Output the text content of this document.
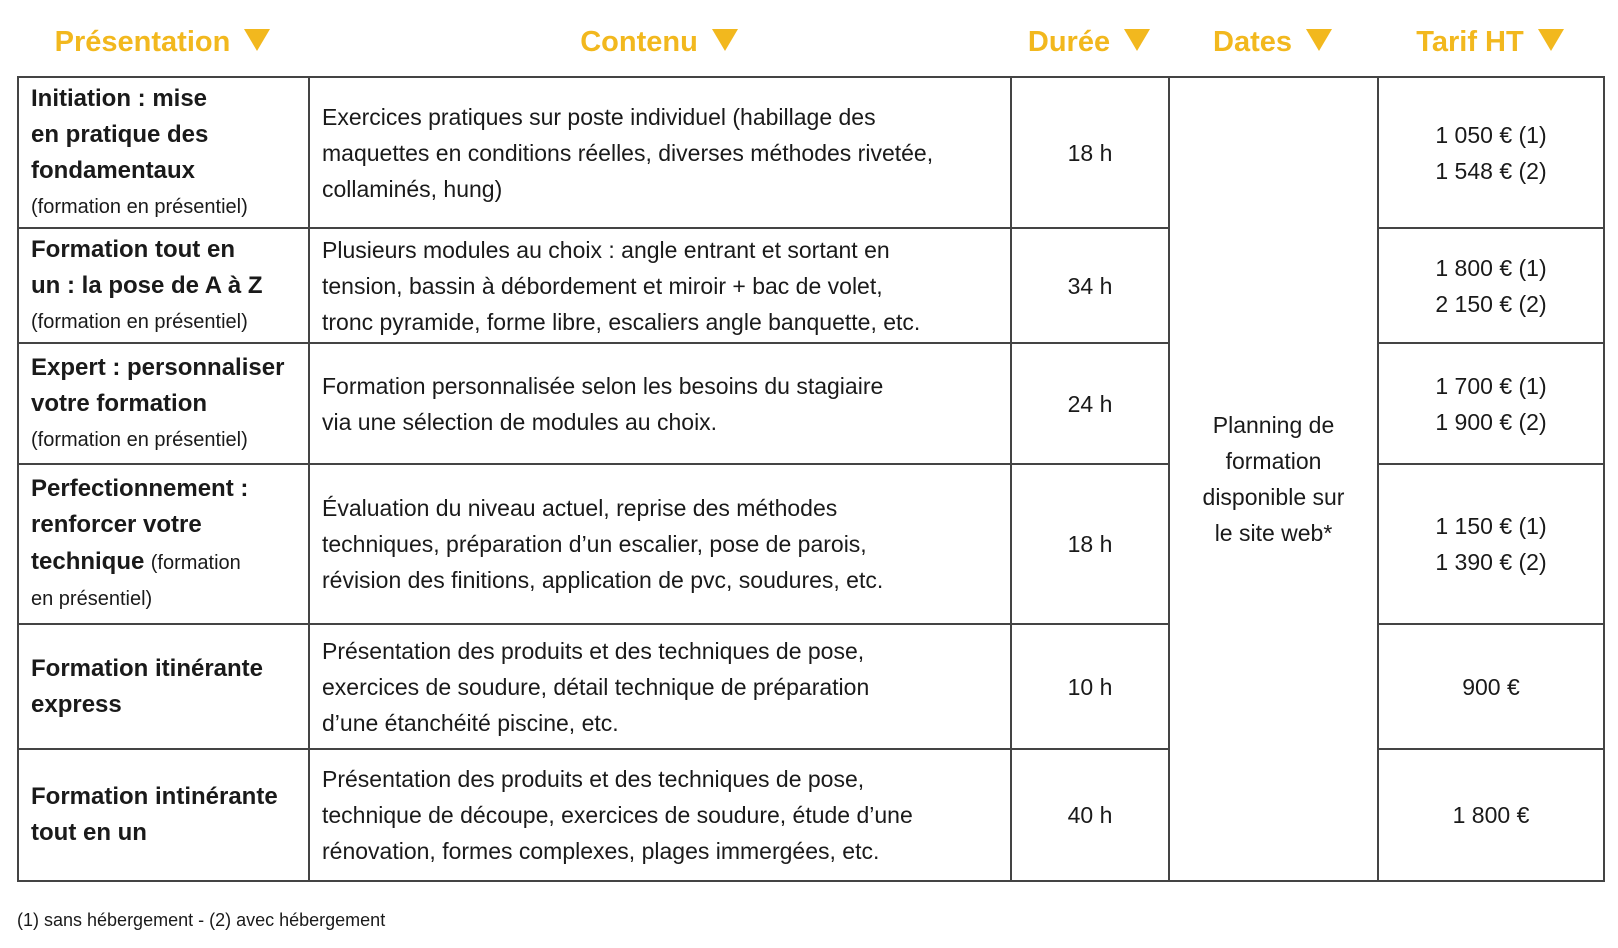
Présentation	Contenu	Durée	Dates	Tarif HT
Initiation : mise
en pratique des
fondamentaux
(formation en présentiel)	Exercices pratiques sur poste individuel (habillage des
maquettes en conditions réelles, diverses méthodes rivetée,
collaminés, hung)	18 h	Planning de
formation
disponible sur
le site web*	1 050 € (1)
1 548 € (2)

Formation tout en
un : la pose de A à Z
(formation en présentiel)	Plusieurs modules au choix : angle entrant et sortant en
tension, bassin à débordement et miroir + bac de volet,
tronc pyramide, forme libre, escaliers angle banquette, etc.	34 h		1 800 € (1)
2 150 € (2)

Expert : personnaliser
votre formation
(formation en présentiel)	Formation personnalisée selon les besoins du stagiaire
via une sélection de modules au choix.	24 h		1 700 € (1)
1 900 € (2)

Perfectionnement :
renforcer votre
technique (formation
en présentiel)	Évaluation du niveau actuel, reprise des méthodes
techniques, préparation d’un escalier, pose de parois,
révision des finitions, application de pvc, soudures, etc.	18 h		1 150 € (1)
1 390 € (2)

Formation itinérante
express	Présentation des produits et des techniques de pose,
exercices de soudure, détail technique de préparation
d’une étanchéité piscine, etc.	10 h		900 €

Formation intinérante
tout en un	Présentation des produits et des techniques de pose,
technique de découpe, exercices de soudure, étude d’une
rénovation, formes complexes, plages immergées, etc.	40 h		1 800 €
(1) sans hébergement - (2) avec hébergement
